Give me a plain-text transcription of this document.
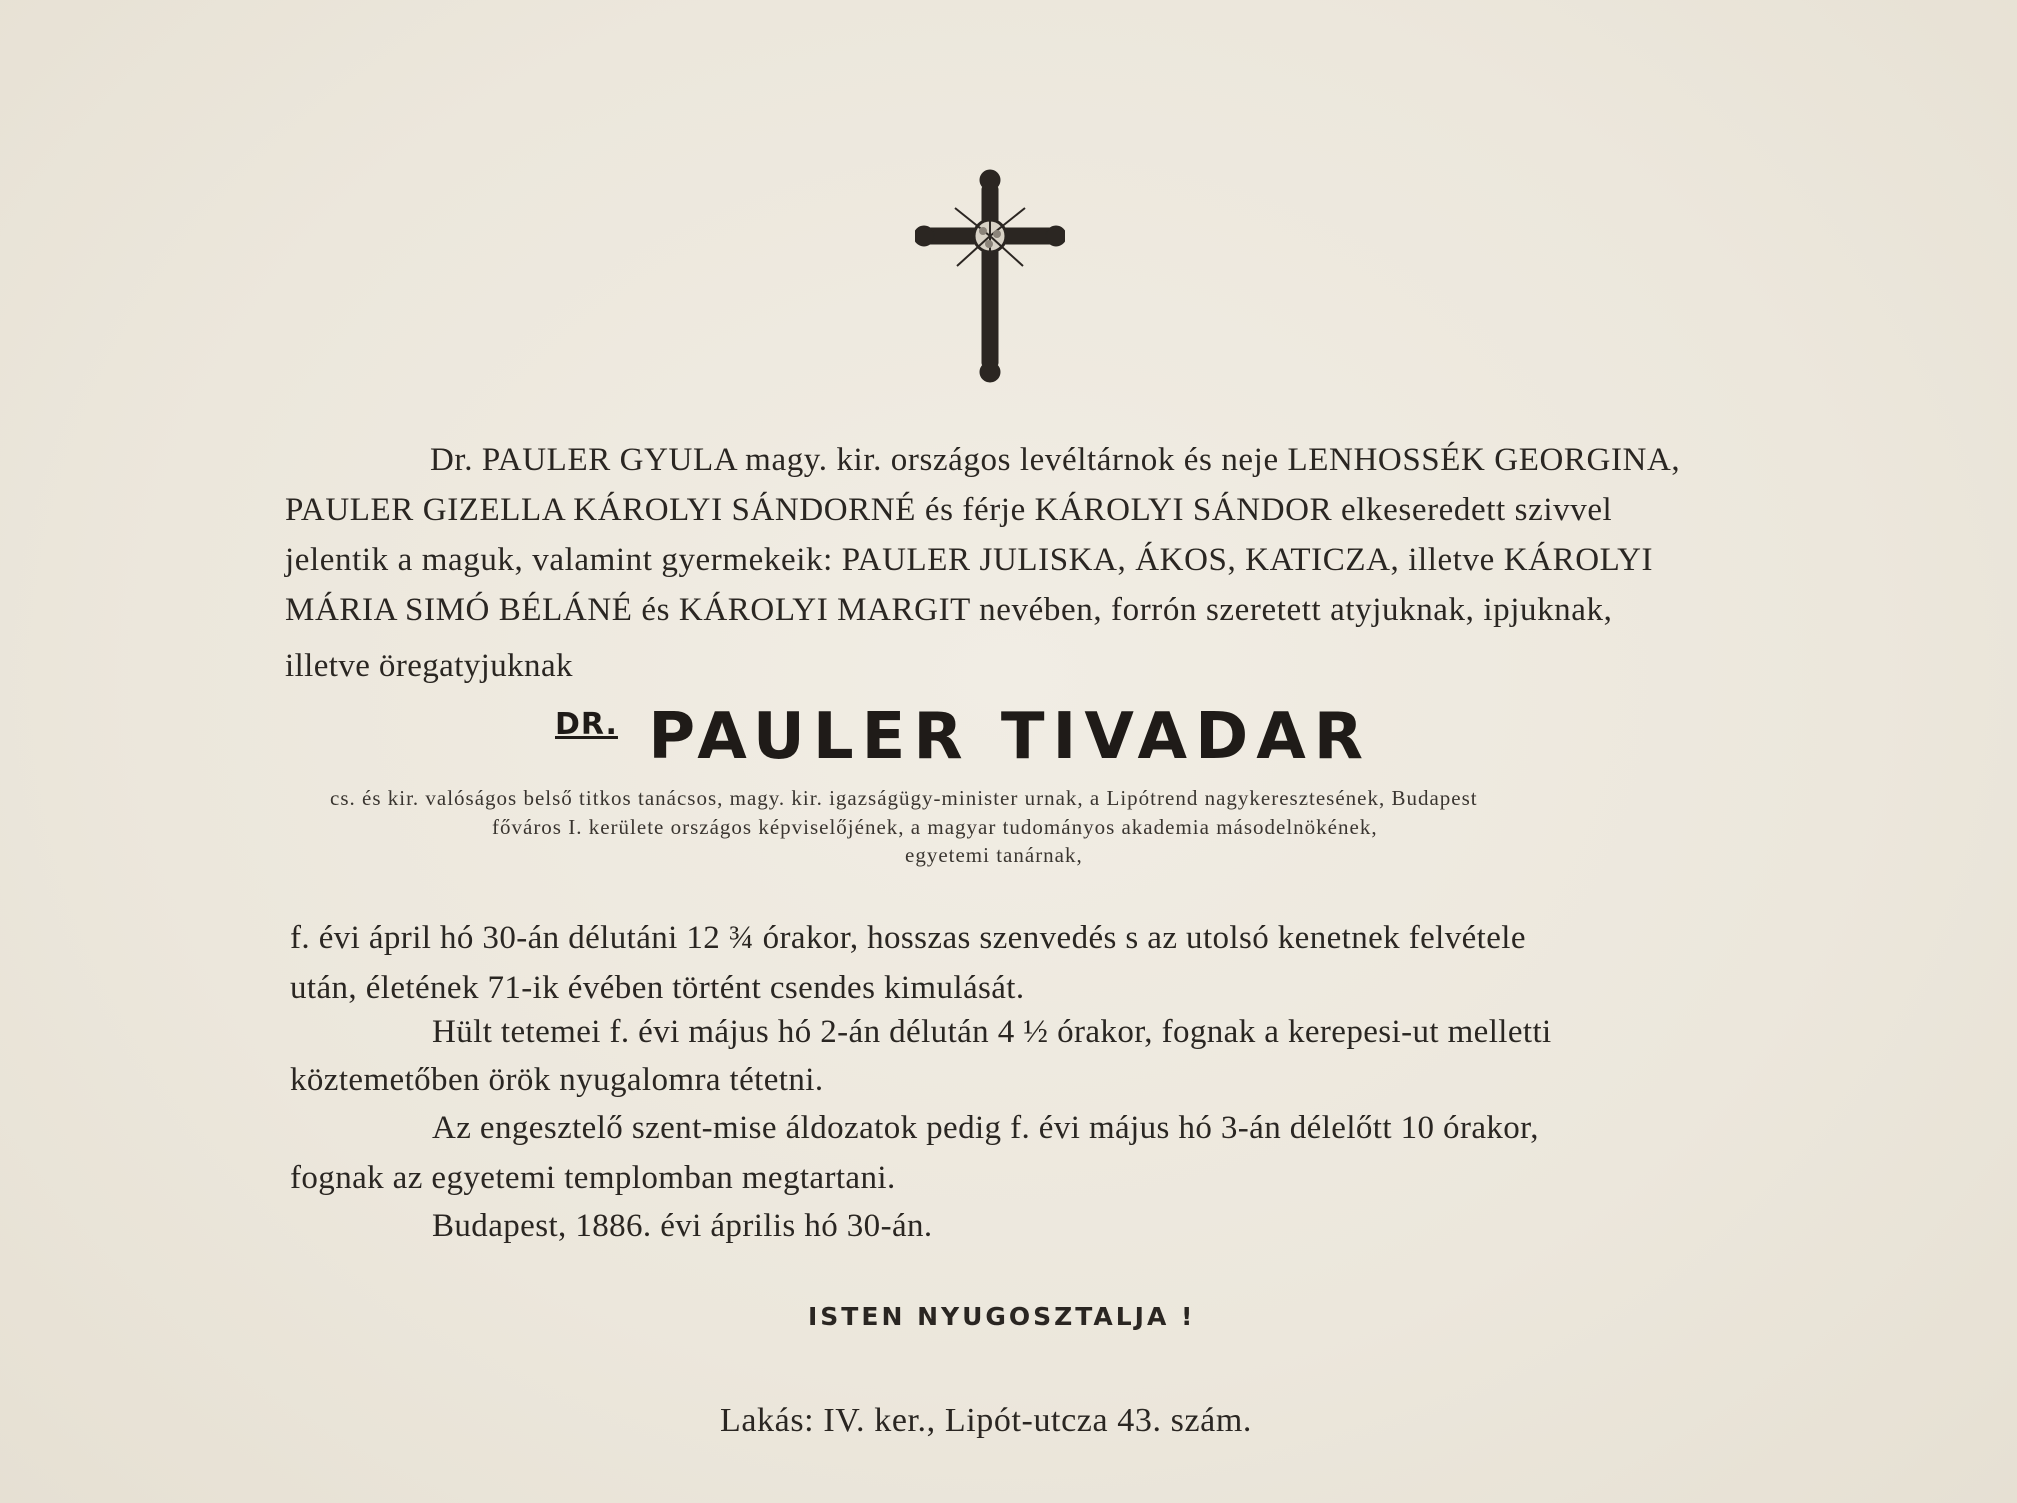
Dr. PAULER GYULA magy. kir. országos levéltárnok és neje LENHOSSÉK GEORGINA,
PAULER GIZELLA KÁROLYI SÁNDORNÉ és férje KÁROLYI SÁNDOR elkeseredett szivvel
jelentik a maguk, valamint gyermekeik: PAULER JULISKA, ÁKOS, KATICZA, illetve KÁROLYI
MÁRIA SIMÓ BÉLÁNÉ és KÁROLYI MARGIT nevében, forrón szeretett atyjuknak, ipjuknak,
illetve öregatyjuknak
$^{DR.}$ PAULER TIVADAR
cs. és kir. valóságos belső titkos tanácsos, magy. kir. igazságügy-minister urnak, a Lipótrend nagykeresztesének, Budapest
főváros I. kerülete országos képviselőjének, a magyar tudományos akademia másodelnökének,
egyetemi tanárnak,
f. évi ápril hó 30-án délutáni 12 ¾ órakor, hosszas szenvedés s az utolsó kenetnek felvétele
után, életének 71-ik évében történt csendes kimulását.
Hült tetemei f. évi május hó 2-án délután 4 ½ órakor, fognak a kerepesi-ut melletti
köztemetőben örök nyugalomra tétetni.
Az engesztelő szent-mise áldozatok pedig f. évi május hó 3-án délelőtt 10 órakor,
fognak az egyetemi templomban megtartani.
Budapest, 1886. évi április hó 30-án.
ISTEN NYUGOSZTALJA !
Lakás: IV. ker., Lipót-utcza 43. szám.
